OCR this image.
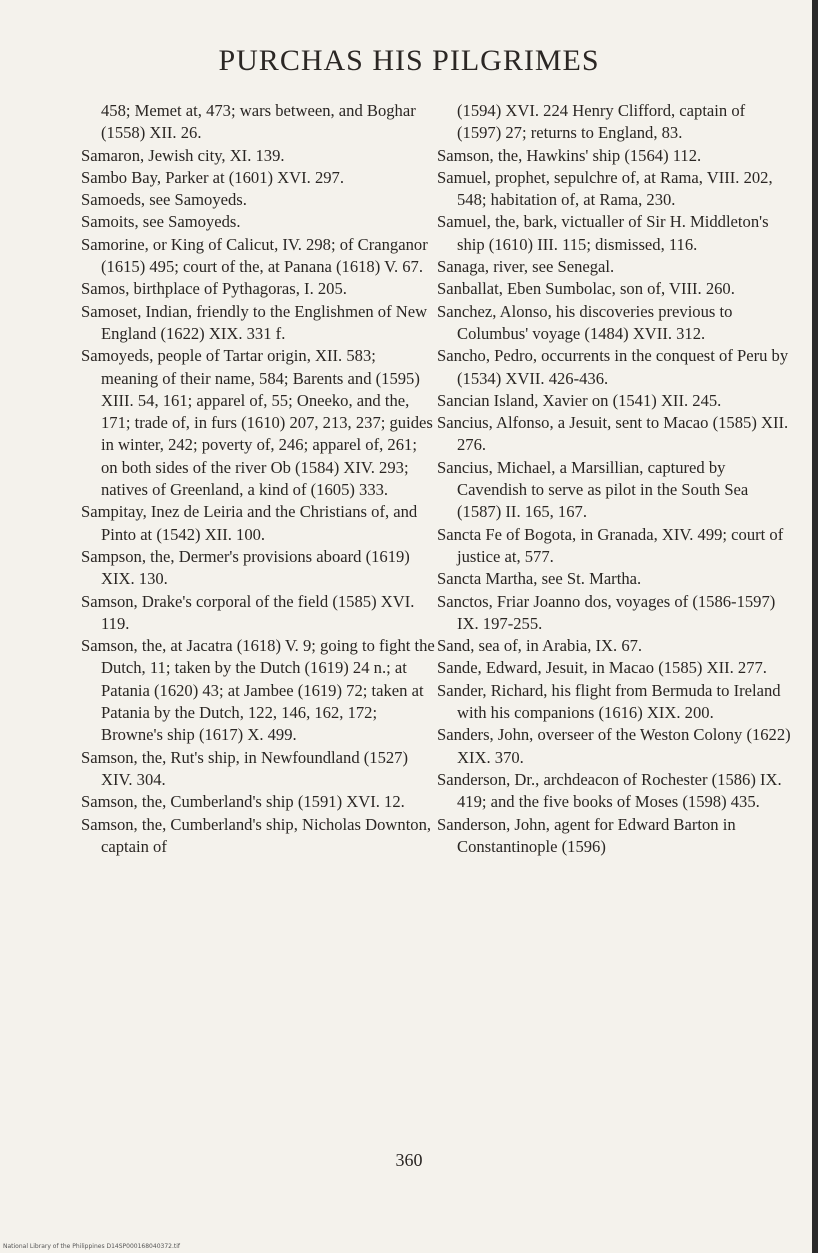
PURCHAS HIS PILGRIMES

458; Memet at, 473; wars between, and Boghar (1558) XII. 26.

Samaron, Jewish city, XI. 139.

Sambo Bay, Parker at (1601) XVI. 297.

Samoeds, see Samoyeds.

Samoits, see Samoyeds.

Samorine, or King of Calicut, IV. 298; of Cranganor (1615) 495; court of the, at Panana (1618) V. 67.

Samos, birthplace of Pythagoras, I. 205.

Samoset, Indian, friendly to the Englishmen of New England (1622) XIX. 331 f.

Samoyeds, people of Tartar origin, XII. 583; meaning of their name, 584; Barents and (1595) XIII. 54, 161; apparel of, 55; Oneeko, and the, 171; trade of, in furs (1610) 207, 213, 237; guides in winter, 242; poverty of, 246; apparel of, 261; on both sides of the river Ob (1584) XIV. 293; natives of Greenland, a kind of (1605) 333.

Sampitay, Inez de Leiria and the Christians of, and Pinto at (1542) XII. 100.

Sampson, the, Dermer's provisions aboard (1619) XIX. 130.

Samson, Drake's corporal of the field (1585) XVI. 119.

Samson, the, at Jacatra (1618) V. 9; going to fight the Dutch, 11; taken by the Dutch (1619) 24 n.; at Patania (1620) 43; at Jambee (1619) 72; taken at Patania by the Dutch, 122, 146, 162, 172; Browne's ship (1617) X. 499.

Samson, the, Rut's ship, in Newfoundland (1527) XIV. 304.

Samson, the, Cumberland's ship (1591) XVI. 12.

Samson, the, Cumberland's ship, Nicholas Downton, captain of

(1594) XVI. 224 Henry Clifford, captain of (1597) 27; returns to England, 83.

Samson, the, Hawkins' ship (1564) 112.

Samuel, prophet, sepulchre of, at Rama, VIII. 202, 548; habitation of, at Rama, 230.

Samuel, the, bark, victualler of Sir H. Middleton's ship (1610) III. 115; dismissed, 116.

Sanaga, river, see Senegal.

Sanballat, Eben Sumbolac, son of, VIII. 260.

Sanchez, Alonso, his discoveries previous to Columbus' voyage (1484) XVII. 312.

Sancho, Pedro, occurrents in the conquest of Peru by (1534) XVII. 426-436.

Sancian Island, Xavier on (1541) XII. 245.

Sancius, Alfonso, a Jesuit, sent to Macao (1585) XII. 276.

Sancius, Michael, a Marsillian, captured by Cavendish to serve as pilot in the South Sea (1587) II. 165, 167.

Sancta Fe of Bogota, in Granada, XIV. 499; court of justice at, 577.

Sancta Martha, see St. Martha.

Sanctos, Friar Joanno dos, voyages of (1586-1597) IX. 197-255.

Sand, sea of, in Arabia, IX. 67.

Sande, Edward, Jesuit, in Macao (1585) XII. 277.

Sander, Richard, his flight from Bermuda to Ireland with his companions (1616) XIX. 200.

Sanders, John, overseer of the Weston Colony (1622) XIX. 370.

Sanderson, Dr., archdeacon of Rochester (1586) IX. 419; and the five books of Moses (1598) 435.

Sanderson, John, agent for Edward Barton in Constantinople (1596)

360
National Library of the Philippines D14SP000168040372.tif
